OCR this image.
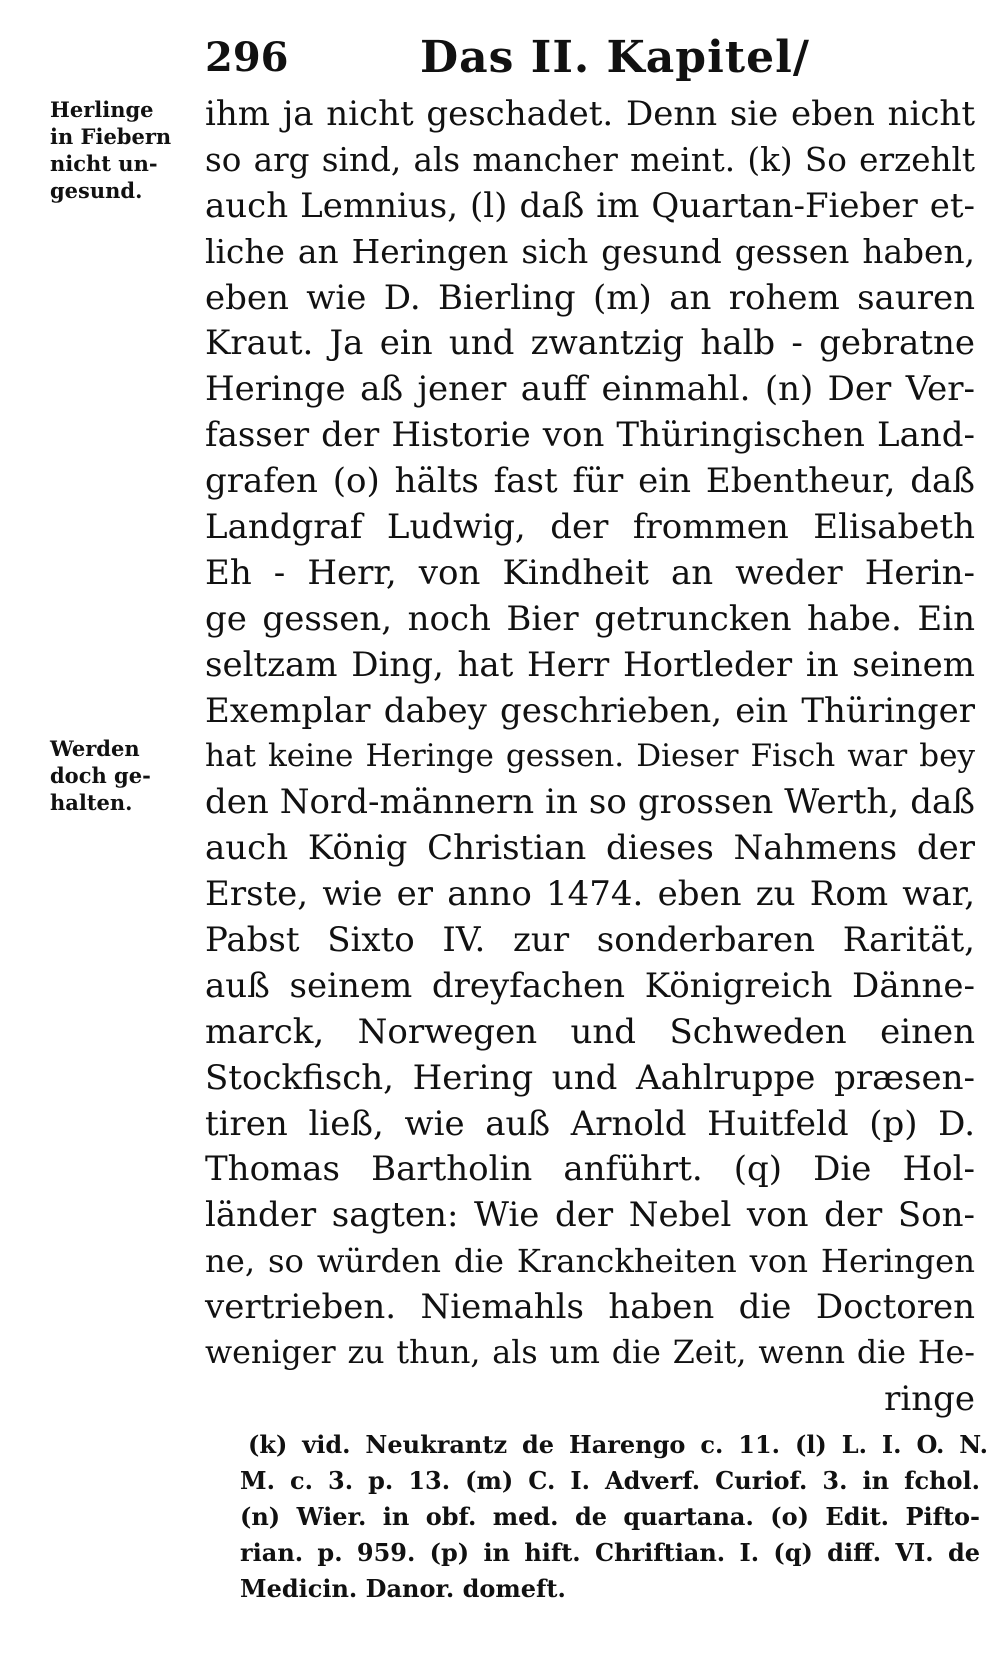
296	Das II. Kapitel/
Herlinge
in Fiebern
nicht un-
gesund.
Werden
doch ge-
halten.
ihm ja nicht geschadet. Denn sie eben nicht
so arg sind, als mancher meint. (k) So erzehlt
auch Lemnius, (l) daß im Quartan-Fieber et-
liche an Heringen sich gesund gessen haben,
eben wie D. Bierling (m) an rohem sauren
Kraut. Ja ein und zwantzig halb - gebratne
Heringe aß jener auff einmahl. (n) Der Ver-
fasser der Historie von Thüringischen Land-
grafen (o) hälts fast für ein Ebentheur, daß
Landgraf Ludwig, der frommen Elisabeth
Eh - Herr, von Kindheit an weder Herin-
ge gessen, noch Bier getruncken habe. Ein
seltzam Ding, hat Herr Hortleder in seinem
Exemplar dabey geschrieben, ein Thüringer
hat keine Heringe gessen. Dieser Fisch war bey
den Nord-männern in so grossen Werth, daß
auch König Christian dieses Nahmens der
Erste, wie er anno 1474. eben zu Rom war,
Pabst Sixto IV. zur sonderbaren Rarität,
auß seinem dreyfachen Königreich Dänne-
marck, Norwegen und Schweden einen
Stockfisch, Hering und Aahlruppe præsen-
tiren ließ, wie auß Arnold Huitfeld (p) D.
Thomas Bartholin anführt. (q) Die Hol-
länder sagten: Wie der Nebel von der Son-
ne, so würden die Kranckheiten von Heringen
vertrieben. Niemahls haben die Doctoren
weniger zu thun, als um die Zeit, wenn die He-
ringe
(k) vid. Neukrantz de Harengo c. 11. (l) L. I. O. N.
M. c. 3. p. 13. (m) C. I. Adverf. Curiof. 3. in fchol.
(n) Wier. in obf. med. de quartana. (o) Edit. Pifto-
rian. p. 959. (p) in hift. Chriftian. I. (q) diff. VI. de
Medicin. Danor. domeft.
